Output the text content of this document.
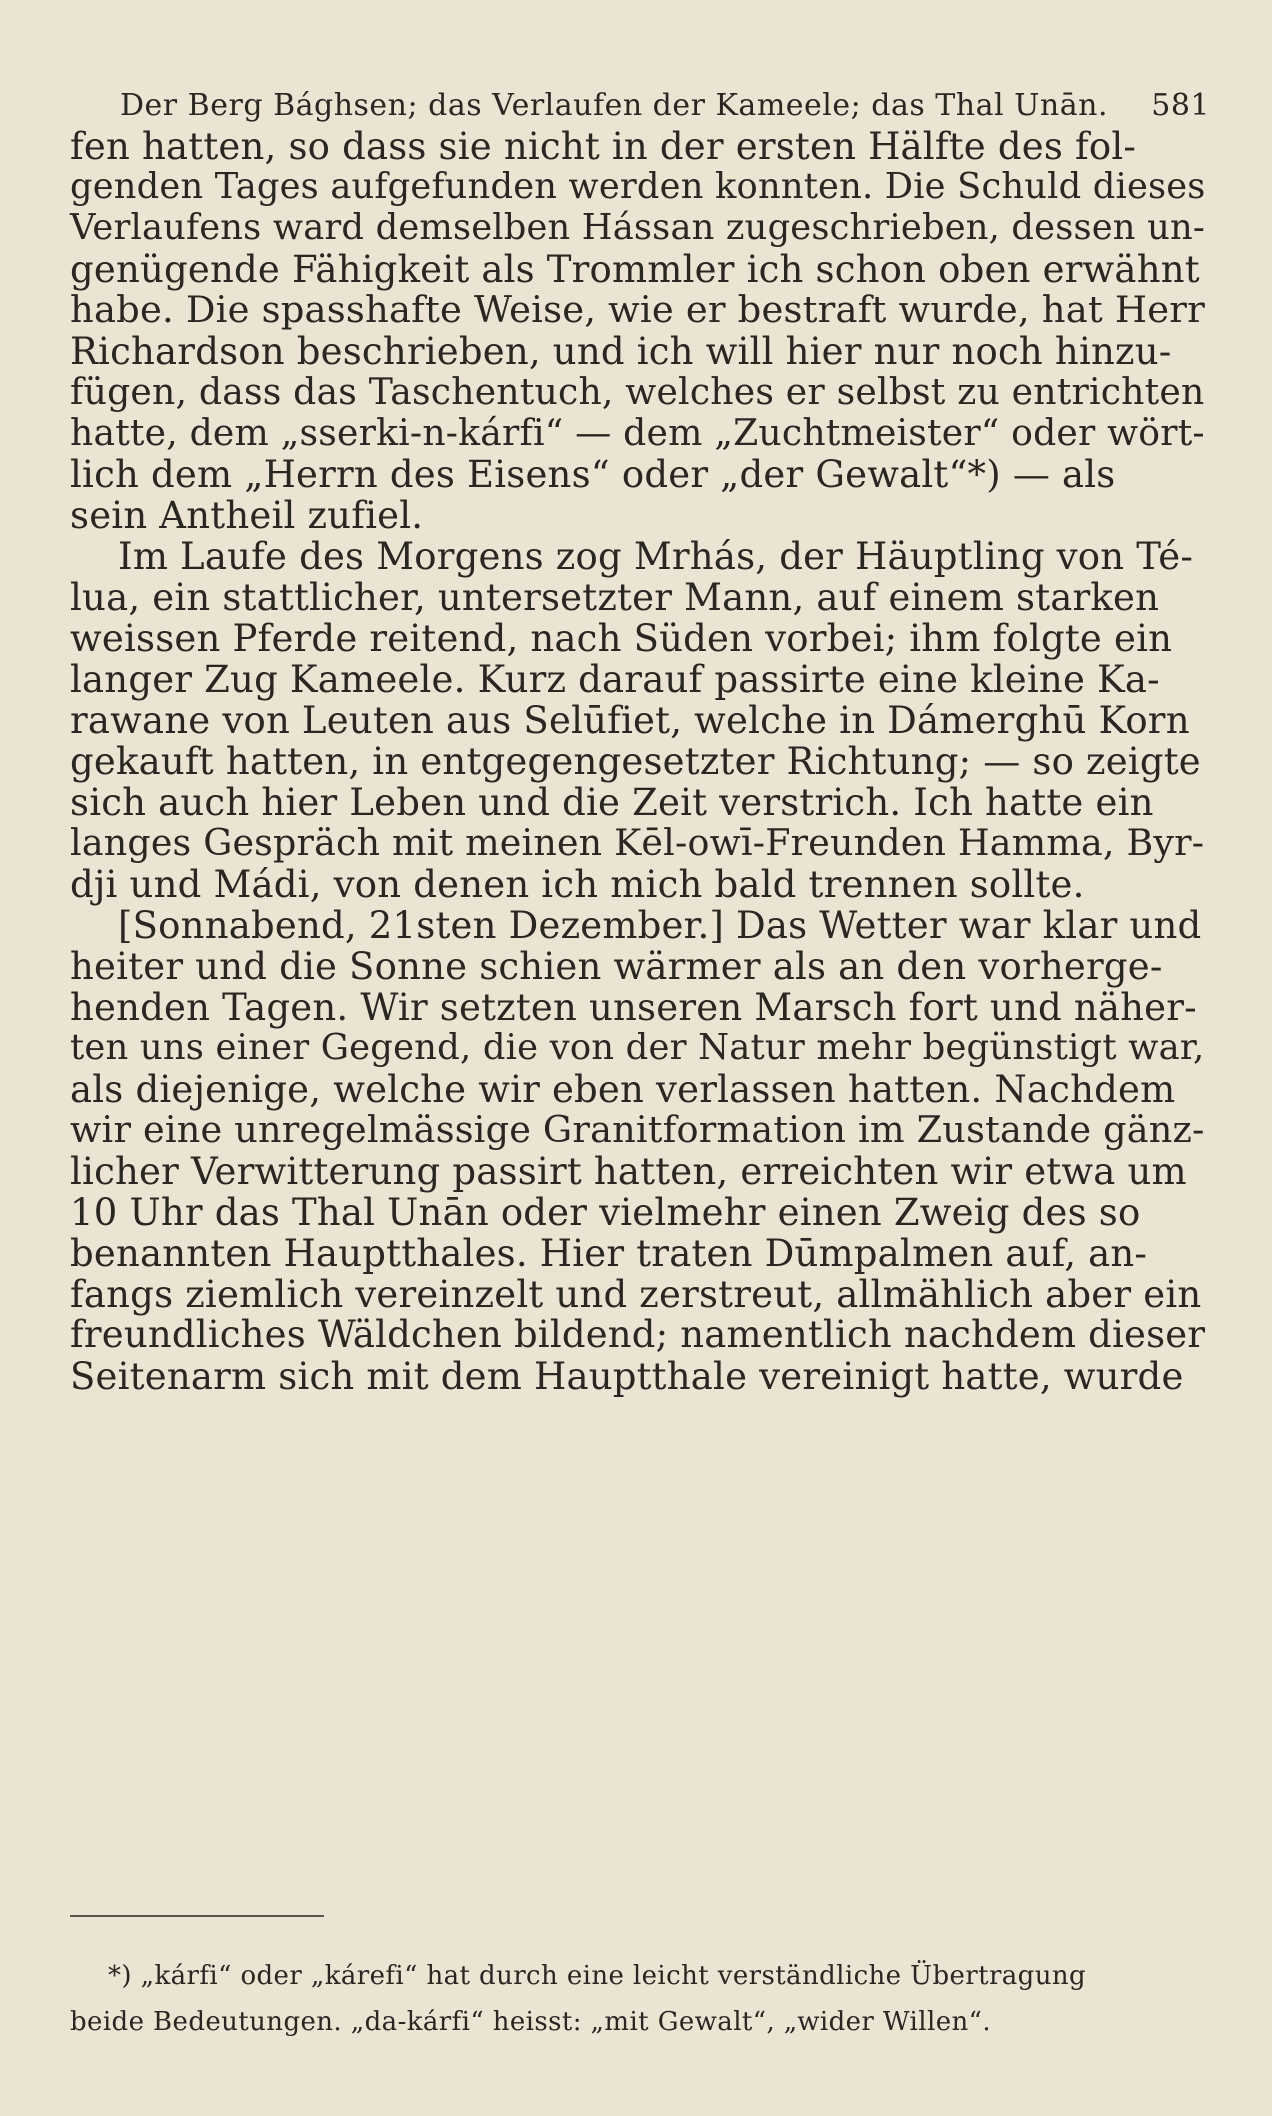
Der Berg Bághsen; das Verlaufen der Kameele; das Thal Unān. 581
fen hatten, so dass sie nicht in der ersten Hälfte des fol-
genden Tages aufgefunden werden konnten. Die Schuld dieses
Verlaufens ward demselben Hássan zugeschrieben, dessen un-
genügende Fähigkeit als Trommler ich schon oben erwähnt
habe. Die spasshafte Weise, wie er bestraft wurde, hat Herr
Richardson beschrieben, und ich will hier nur noch hinzu-
fügen, dass das Taschentuch, welches er selbst zu entrichten
hatte, dem „sserki-n-kárfi“ — dem „Zuchtmeister“ oder wört-
lich dem „Herrn des Eisens“ oder „der Gewalt“*) — als
sein Antheil zufiel.
Im Laufe des Morgens zog Mrhás, der Häuptling von Té-
lua, ein stattlicher, untersetzter Mann, auf einem starken
weissen Pferde reitend, nach Süden vorbei; ihm folgte ein
langer Zug Kameele. Kurz darauf passirte eine kleine Ka-
rawane von Leuten aus Selūfiet, welche in Dámerghū Korn
gekauft hatten, in entgegengesetzter Richtung; — so zeigte
sich auch hier Leben und die Zeit verstrich. Ich hatte ein
langes Gespräch mit meinen Kēl-owī-Freunden Hamma, Byr-
dji und Mádi, von denen ich mich bald trennen sollte.
[Sonnabend, 21sten Dezember.] Das Wetter war klar und
heiter und die Sonne schien wärmer als an den vorherge-
henden Tagen. Wir setzten unseren Marsch fort und näher-
ten uns einer Gegend, die von der Natur mehr begünstigt war,
als diejenige, welche wir eben verlassen hatten. Nachdem
wir eine unregelmässige Granitformation im Zustande gänz-
licher Verwitterung passirt hatten, erreichten wir etwa um
10 Uhr das Thal Unān oder vielmehr einen Zweig des so
benannten Hauptthales. Hier traten Dūmpalmen auf, an-
fangs ziemlich vereinzelt und zerstreut, allmählich aber ein
freundliches Wäldchen bildend; namentlich nachdem dieser
Seitenarm sich mit dem Hauptthale vereinigt hatte, wurde
*) „kárfi“ oder „kárefi“ hat durch eine leicht verständliche Übertragung
beide Bedeutungen. „da-kárfi“ heisst: „mit Gewalt“, „wider Willen“.
